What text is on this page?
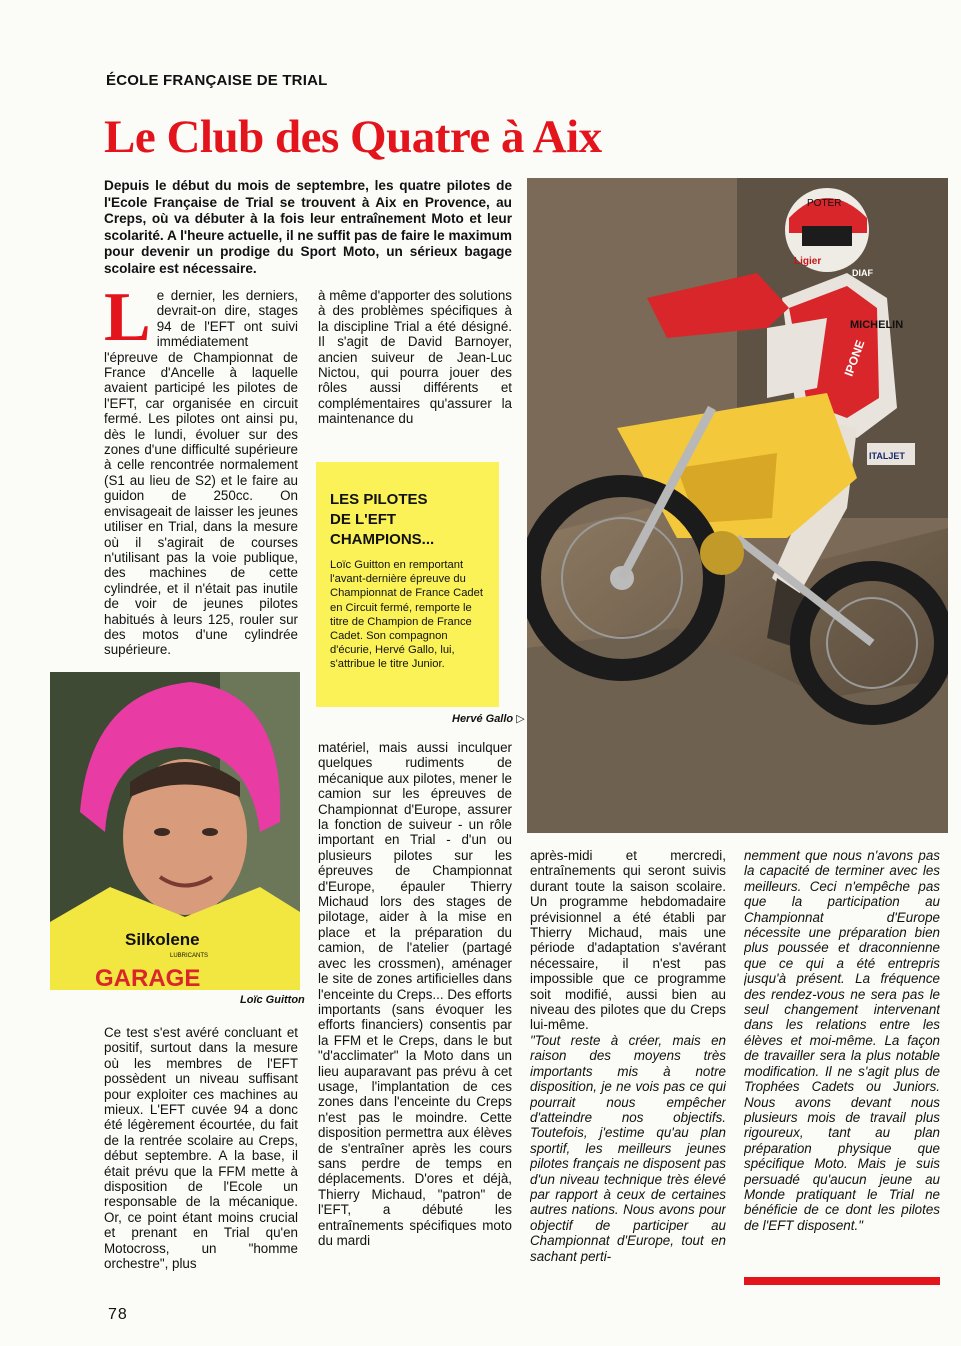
ÉCOLE FRANÇAISE DE TRIAL
Le Club des Quatre à Aix
Depuis le début du mois de septembre, les quatre pilotes de l'Ecole Française de Trial se trouvent à Aix en Provence, au Creps, où va débuter à la fois leur entraînement Moto et leur scolarité. A l'heure actuelle, il ne suffit pas de faire le maximum pour devenir un prodige du Sport Moto, un sérieux bagage scolaire est nécessaire.
POTER
MICHELIN
DIAF
IPONE
ITALJET
Ligier
Silkolene
LUBRICANTS
GARAGE
L e dernier, les derniers, devrait-on dire, stages 94 de l'EFT ont suivi immédiatement l'épreuve de Championnat de France d'Ancelle à laquelle avaient participé les pilotes de l'EFT, car organisée en circuit fermé. Les pilotes ont ainsi pu, dès le lundi, évoluer sur des zones d'une difficulté supérieure à celle rencontrée normalement (S1 au lieu de S2) et le faire au guidon de 250cc. On envisageait de laisser les jeunes utiliser en Trial, dans la mesure où il s'agirait de courses n'utilisant pas la voie publique, des machines de cette cylindrée, et il n'était pas inutile de voir de jeunes pilotes habitués à leurs 125, rouler sur des motos d'une cylindrée supérieure.

Ce test s'est avéré concluant et positif, surtout dans la mesure où les membres de l'EFT possèdent un niveau suffisant pour exploiter ces machines au mieux. L'EFT cuvée 94 a donc été légèrement écourtée, du fait de la rentrée scolaire au Creps, début septembre. A la base, il était prévu que la FFM mette à disposition de l'Ecole un responsable de la mécanique. Or, ce point étant moins crucial et prenant en Trial qu'en Motocross, un "homme orchestre", plus

à même d'apporter des solutions à des problèmes spécifiques à la discipline Trial a été désigné. Il s'agit de David Barnoyer, ancien suiveur de Jean-Luc Nictou, qui pourra jouer des rôles aussi différents et complémentaires qu'assurer la maintenance du

matériel, mais aussi inculquer quelques rudiments de mécanique aux pilotes, mener le camion sur les épreuves de Championnat d'Europe, assurer la fonction de suiveur - un rôle important en Trial - d'un ou plusieurs pilotes sur les épreuves de Championnat d'Europe, épauler Thierry Michaud lors des stages de pilotage, aider à la mise en place et la préparation du camion, de l'atelier (partagé avec les crossmen), aménager le site de zones artificielles dans l'enceinte du Creps... Des efforts importants (sans évoquer les efforts financiers) consentis par la FFM et le Creps, dans le but "d'acclimater" la Moto dans un lieu auparavant pas prévu à cet usage, l'implantation de ces zones dans l'enceinte du Creps n'est pas le moindre. Cette disposition permettra aux élèves de s'entraîner après les cours sans perdre de temps en déplacements. D'ores et déjà, Thierry Michaud, "patron" de l'EFT, a débuté les entraînements spécifiques moto du mardi

LES PILOTES
DE L'EFT
CHAMPIONS...
Loïc Guitton en remportant l'avant-dernière épreuve du Championnat de France Cadet en Circuit fermé, remporte le titre de Champion de France Cadet. Son compagnon d'écurie, Hervé Gallo, lui, s'attribue le titre Junior.
Hervé Gallo ▷
Loïc Guitton

après-midi et mercredi, entraînements qui seront suivis durant toute la saison scolaire. Un programme hebdomadaire prévisionnel a été établi par Thierry Michaud, mais une période d'adaptation s'avérant nécessaire, il n'est pas impossible que ce programme soit modifié, aussi bien au niveau des pilotes que du Creps lui-même.

"Tout reste à créer, mais en raison des moyens très importants mis à notre disposition, je ne vois pas ce qui pourrait nous empêcher d'atteindre nos objectifs. Toutefois, j'estime qu'au plan sportif, les meilleurs jeunes pilotes français ne disposent pas d'un niveau technique très élevé par rapport à ceux de certaines autres nations. Nous avons pour objectif de participer au Championnat d'Europe, tout en sachant perti-

nemment que nous n'avons pas la capacité de terminer avec les meilleurs. Ceci n'empêche pas que la participation au Championnat d'Europe nécessite une préparation bien plus poussée et draconnienne que ce qui a été entrepris jusqu'à présent. La fréquence des rendez-vous ne sera pas le seul changement intervenant dans les relations entre les élèves et moi-même. La façon de travailler sera la plus notable modification. Il ne s'agit plus de Trophées Cadets ou Juniors. Nous avons devant nous plusieurs mois de travail plus rigoureux, tant au plan préparation physique que spécifique Moto. Mais je suis persuadé qu'aucun jeune au Monde pratiquant le Trial ne bénéficie de ce dont les pilotes de l'EFT disposent."

78
